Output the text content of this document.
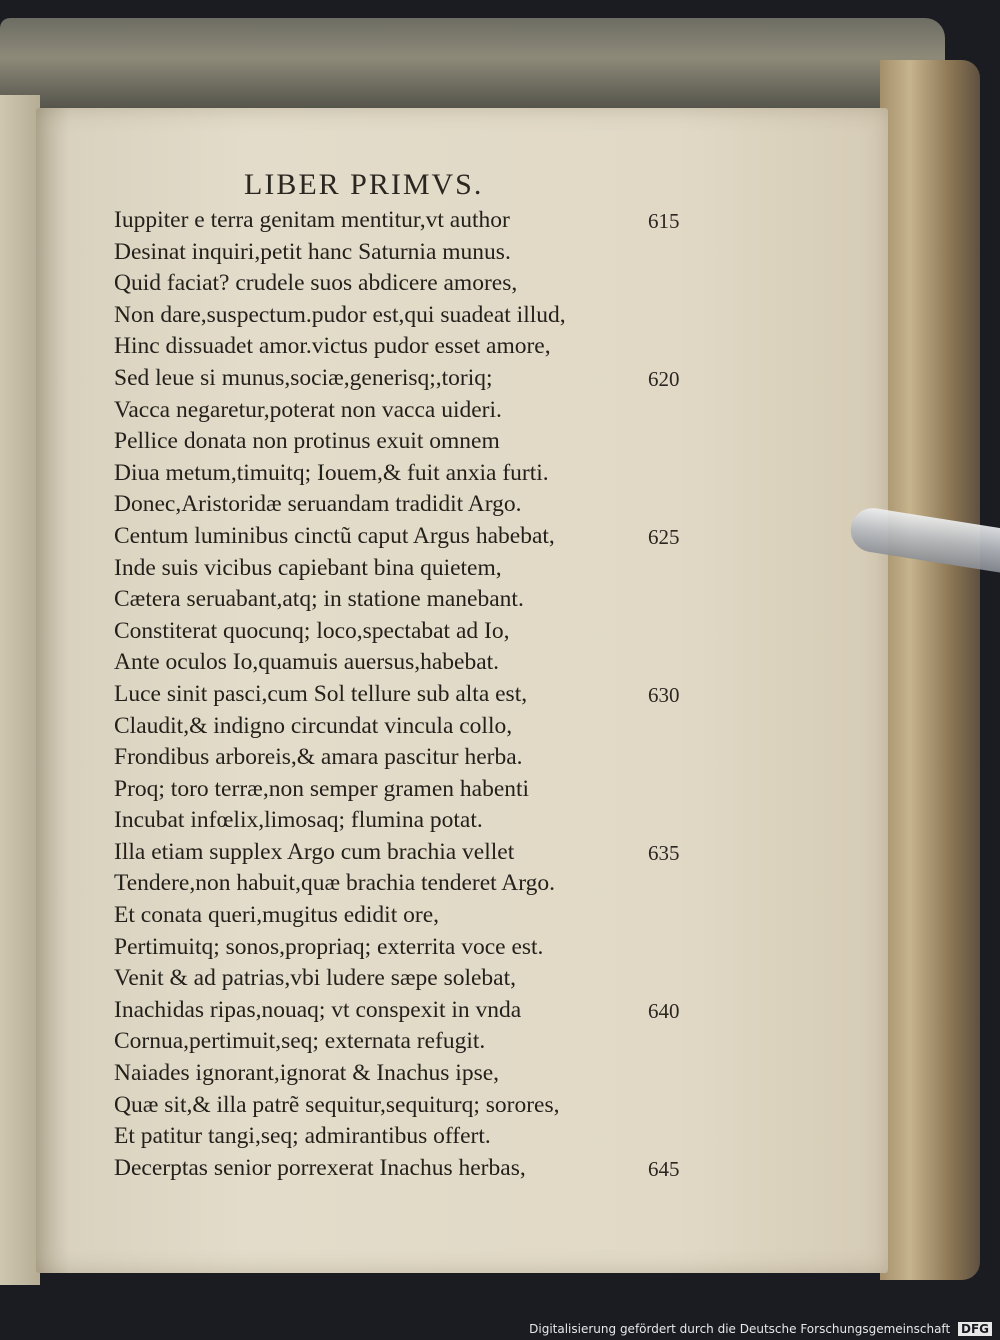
LIBER PRIMVS.
Iuppiter e terra genitam mentitur,vt author
Desinat inquiri,petit hanc Saturnia munus.
Quid faciat? crudele suos abdicere amores,
Non dare,suspectum.pudor est,qui suadeat illud,
Hinc dissuadet amor.victus pudor esset amore,
Sed leue si munus,sociæ,generisq;,toriq;
Vacca negaretur,poterat non vacca uideri.
Pellice donata non protinus exuit omnem
Diua metum,timuitq; Iouem,& fuit anxia furti.
Donec,Aristoridæ seruandam tradidit Argo.
Centum luminibus cinctũ caput Argus habebat,
Inde suis vicibus capiebant bina quietem,
Cætera seruabant,atq; in statione manebant.
Constiterat quocunq; loco,spectabat ad Io,
Ante oculos Io,quamuis auersus,habebat.
Luce sinit pasci,cum Sol tellure sub alta est,
Claudit,& indigno circundat vincula collo,
Frondibus arboreis,& amara pascitur herba.
Proq; toro terræ,non semper gramen habenti
Incubat infœlix,limosaq; flumina potat.
Illa etiam supplex Argo cum brachia vellet
Tendere,non habuit,quæ brachia tenderet Argo.
Et conata queri,mugitus edidit ore,
Pertimuitq; sonos,propriaq; exterrita voce est.
Venit & ad patrias,vbi ludere sæpe solebat,
Inachidas ripas,nouaq; vt conspexit in vnda
Cornua,pertimuit,seq; externata refugit.
Naiades ignorant,ignorat & Inachus ipse,
Quæ sit,& illa patrẽ sequitur,sequiturq; sorores,
Et patitur tangi,seq; admirantibus offert.
Decerptas senior porrexerat Inachus herbas,
615
620
625
630
635
640
645
Digitalisierung gefördert durch die Deutsche Forschungsgemeinschaft DFG
